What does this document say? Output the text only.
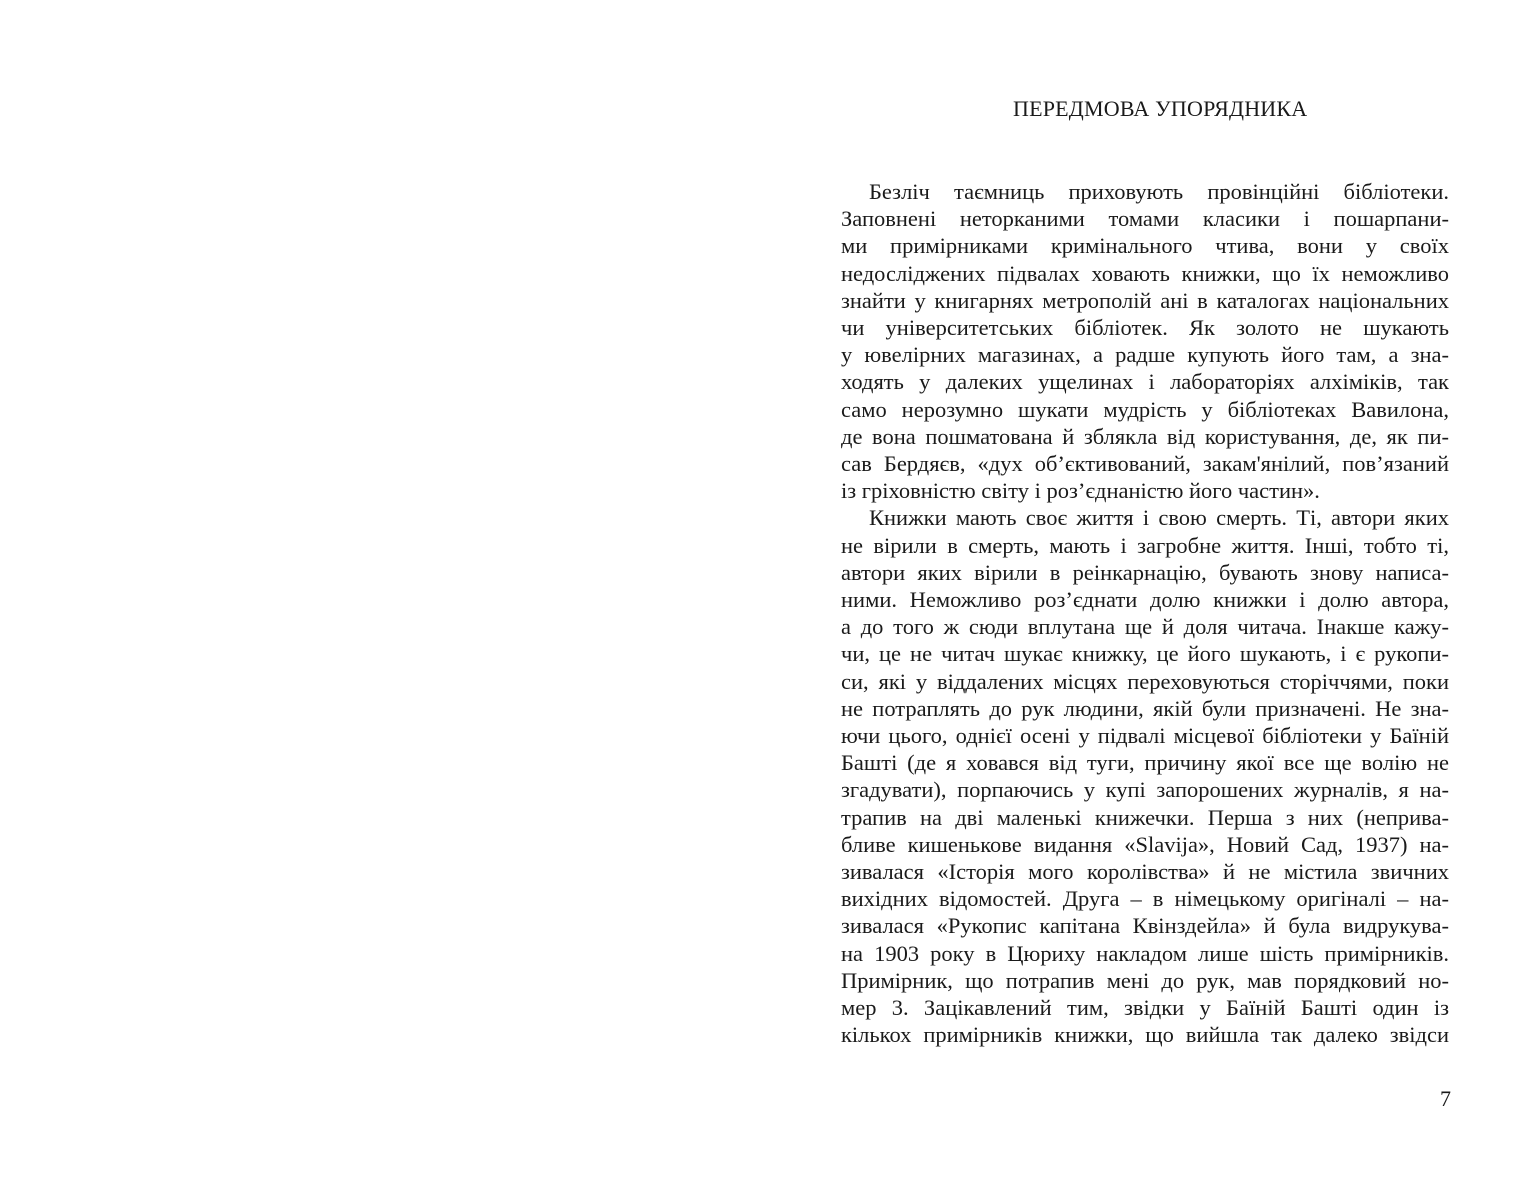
ПЕРЕДМОВА УПОРЯДНИКА
Безліч таємниць приховують провінційні бібліотеки.
Заповнені неторканими томами класики і пошарпани-
ми примірниками кримінального чтива, вони у своїх
недосліджених підвалах ховають книжки, що їх неможливо
знайти у книгарнях метрополій ані в каталогах національних
чи університетських бібліотек. Як золото не шукають
у ювелірних магазинах, а радше купують його там, а зна-
ходять у далеких ущелинах і лабораторіях алхіміків, так
само нерозумно шукати мудрість у бібліотеках Вавилона,
де вона пошматована й зблякла від користування, де, як пи-
сав Бердяєв, «дух об’єктивований, закам'янілий, пов’язаний
із гріховністю світу і роз’єднаністю його частин».
Книжки мають своє життя і свою смерть. Ті, автори яких
не вірили в смерть, мають і загробне життя. Інші, тобто ті,
автори яких вірили в реінкарнацію, бувають знову написа-
ними. Неможливо роз’єднати долю книжки і долю автора,
а до того ж сюди вплутана ще й доля читача. Інакше кажу-
чи, це не читач шукає книжку, це його шукають, і є рукопи-
си, які у віддалених місцях переховуються сторіччями, поки
не потраплять до рук людини, якій були призначені. Не зна-
ючи цього, однієї осені у підвалі місцевої бібліотеки у Баїній
Башті (де я ховався від туги, причину якої все ще волію не
згадувати), порпаючись у купі запорошених журналів, я на-
трапив на дві маленькі книжечки. Перша з них (неприва-
бливе кишенькове видання «Slavija», Новий Сад, 1937) на-
зивалася «Історія мого королівства» й не містила звичних
вихідних відомостей. Друга – в німецькому оригіналі – на-
зивалася «Рукопис капітана Квінздейла» й була видрукува-
на 1903 року в Цюриху накладом лише шість примірників.
Примірник, що потрапив мені до рук, мав порядковий но-
мер 3. Зацікавлений тим, звідки у Баїній Башті один із
кількох примірників книжки, що вийшла так далеко звідси
7
